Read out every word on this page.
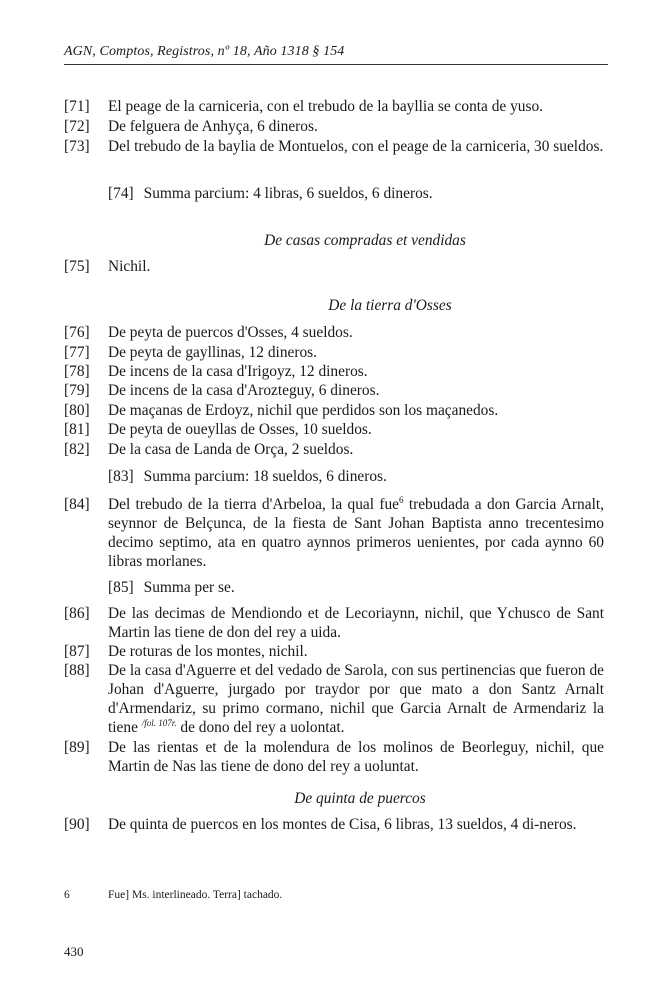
AGN, Comptos, Registros, nº 18, Año 1318 § 154
[71] El peage de la carniceria, con el trebudo de la bayllia se conta de yuso.
[72] De felguera de Anhyça, 6 dineros.
[73] Del trebudo de la baylia de Montuelos, con el peage de la carniceria, 30 sueldos.
[74] Summa parcium: 4 libras, 6 sueldos, 6 dineros.
De casas compradas et vendidas
[75] Nichil.
De la tierra d'Osses
[76] De peyta de puercos d'Osses, 4 sueldos.
[77] De peyta de gayllinas, 12 dineros.
[78] De incens de la casa d'Irigoyz, 12 dineros.
[79] De incens de la casa d'Arozteguy, 6 dineros.
[80] De maçanas de Erdoyz, nichil que perdidos son los maçanedos.
[81] De peyta de oueyllas de Osses, 10 sueldos.
[82] De la casa de Landa de Orça, 2 sueldos.
[83] Summa parcium: 18 sueldos, 6 dineros.
[84] Del trebudo de la tierra d'Arbeloa, la qual fue$^6$ trebudada a don Garcia Arnalt, seynnor de Belçunca, de la fiesta de Sant Johan Baptista anno trecentesimo decimo septimo, ata en quatro aynnos primeros uenientes, por cada aynno 60 libras morlanes.
[85] Summa per se.
[86] De las decimas de Mendiondo et de Lecoriaynn, nichil, que Ychusco de Sant Martin las tiene de don del rey a uida.
[87] De roturas de los montes, nichil.
[88] De la casa d'Aguerre et del vedado de Sarola, con sus pertinencias que fueron de Johan d'Aguerre, jurgado por traydor por que mato a don Santz Arnalt d'Armendariz, su primo cormano, nichil que Garcia Arnalt de Armendariz la tiene $^{/fol. 107r.}$ de dono del rey a uolontat.
[89] De las rientas et de la molendura de los molinos de Beorleguy, nichil, que Martin de Nas las tiene de dono del rey a uoluntat.
De quinta de puercos
[90] De quinta de puercos en los montes de Cisa, 6 libras, 13 sueldos, 4 di-neros.
6	Fue] Ms. interlineado. Terra] tachado.
430
